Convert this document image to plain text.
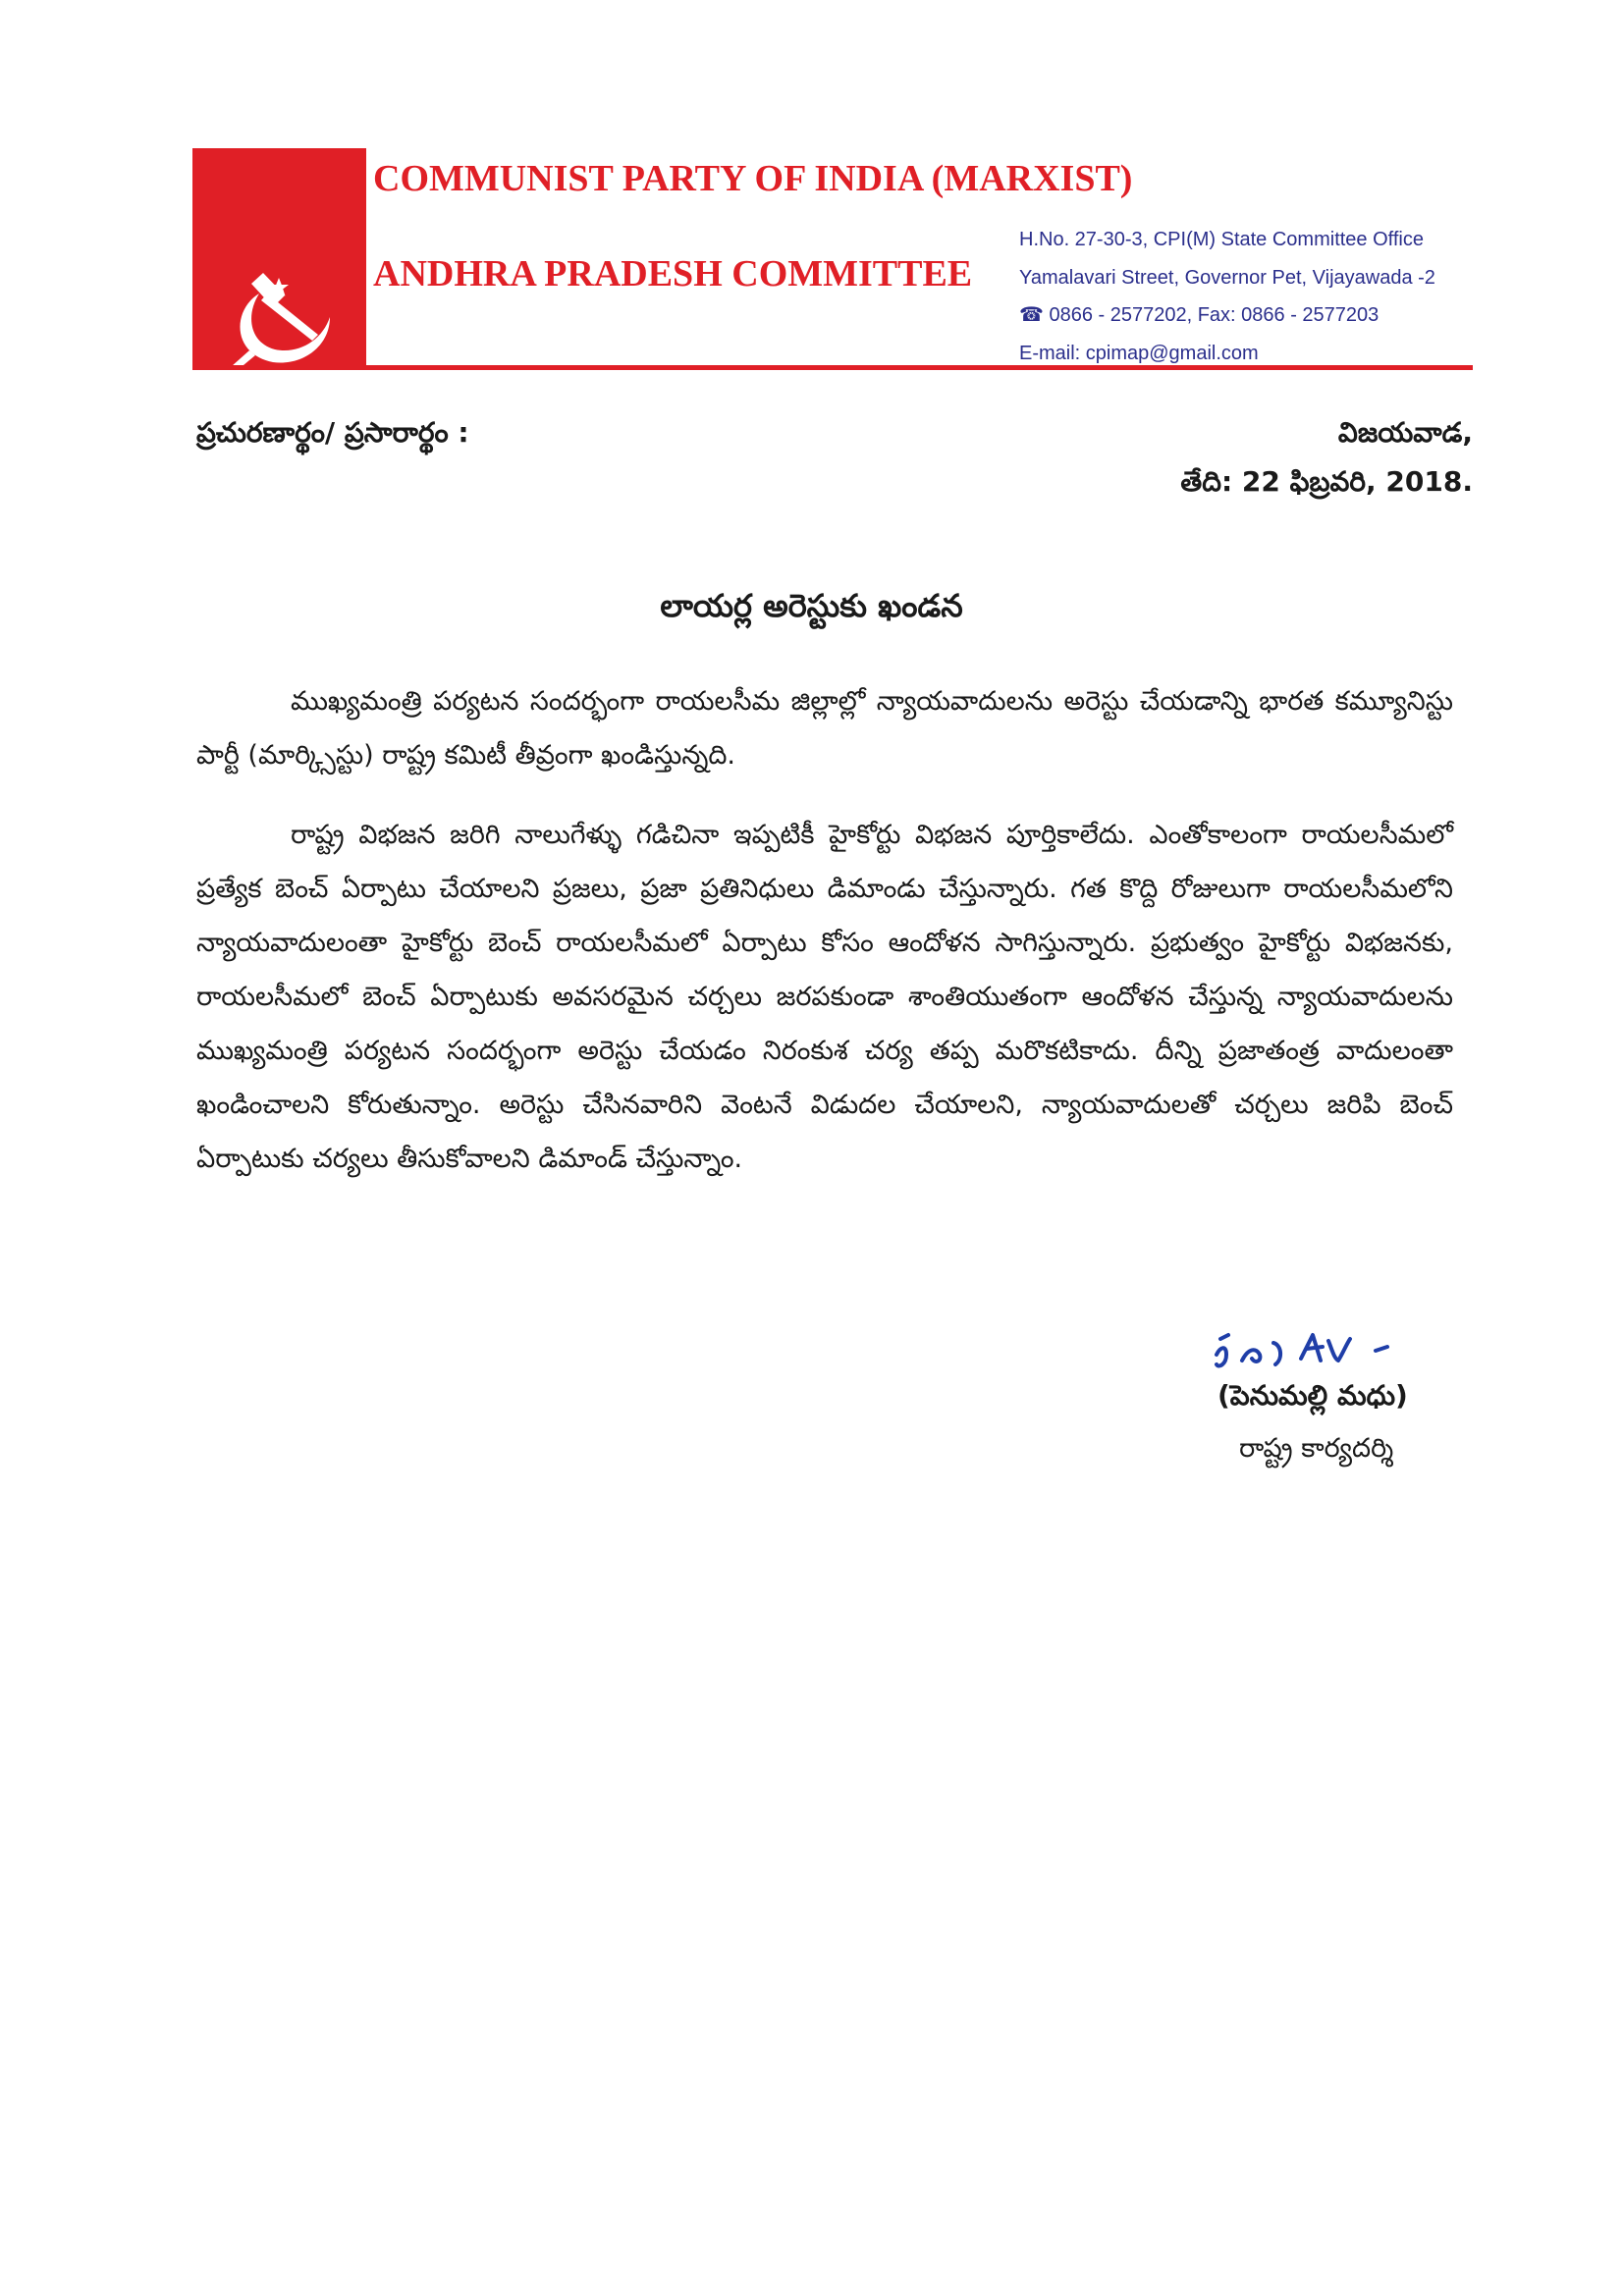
COMMUNIST PARTY OF INDIA (MARXIST)
ANDHRA PRADESH COMMITTEE
H.No. 27-30-3, CPI(M) State Committee Office
Yamalavari Street, Governor Pet, Vijayawada -2
☎ 0866 - 2577202, Fax: 0866 - 2577203
E-mail: cpimap@gmail.com
ప్రచురణార్థం/ ప్రసారార్థం :	విజయవాడ,
తేది: 22 ఫిబ్రవరి, 2018.
లాయర్ల అరెస్టుకు ఖండన

ముఖ్యమంత్రి పర్యటన సందర్భంగా రాయలసీమ జిల్లాల్లో న్యాయవాదులను అరెస్టు చేయడాన్ని భారత కమ్యూనిస్టు పార్టీ (మార్క్సిస్టు) రాష్ట్ర కమిటీ తీవ్రంగా ఖండిస్తున్నది.

రాష్ట్ర విభజన జరిగి నాలుగేళ్ళు గడిచినా ఇప్పటికీ హైకోర్టు విభజన పూర్తికాలేదు. ఎంతోకాలంగా రాయలసీమలో ప్రత్యేక బెంచ్ ఏర్పాటు చేయాలని ప్రజలు, ప్రజా ప్రతినిధులు డిమాండు చేస్తున్నారు. గత కొద్ది రోజులుగా రాయలసీమలోని న్యాయవాదులంతా హైకోర్టు బెంచ్ రాయలసీమలో ఏర్పాటు కోసం ఆందోళన సాగిస్తున్నారు. ప్రభుత్వం హైకోర్టు విభజనకు, రాయలసీమలో బెంచ్ ఏర్పాటుకు అవసరమైన చర్చలు జరపకుండా శాంతియుతంగా ఆందోళన చేస్తున్న న్యాయవాదులను ముఖ్యమంత్రి పర్యటన సందర్భంగా అరెస్టు చేయడం నిరంకుశ చర్య తప్ప మరొకటికాదు. దీన్ని ప్రజాతంత్ర వాదులంతా ఖండించాలని కోరుతున్నాం. అరెస్టు చేసినవారిని వెంటనే విడుదల చేయాలని, న్యాయవాదులతో చర్చలు జరిపి బెంచ్ ఏర్పాటుకు చర్యలు తీసుకోవాలని డిమాండ్ చేస్తున్నాం.

(పెనుమల్లి మధు)
రాష్ట్ర కార్యదర్శి
